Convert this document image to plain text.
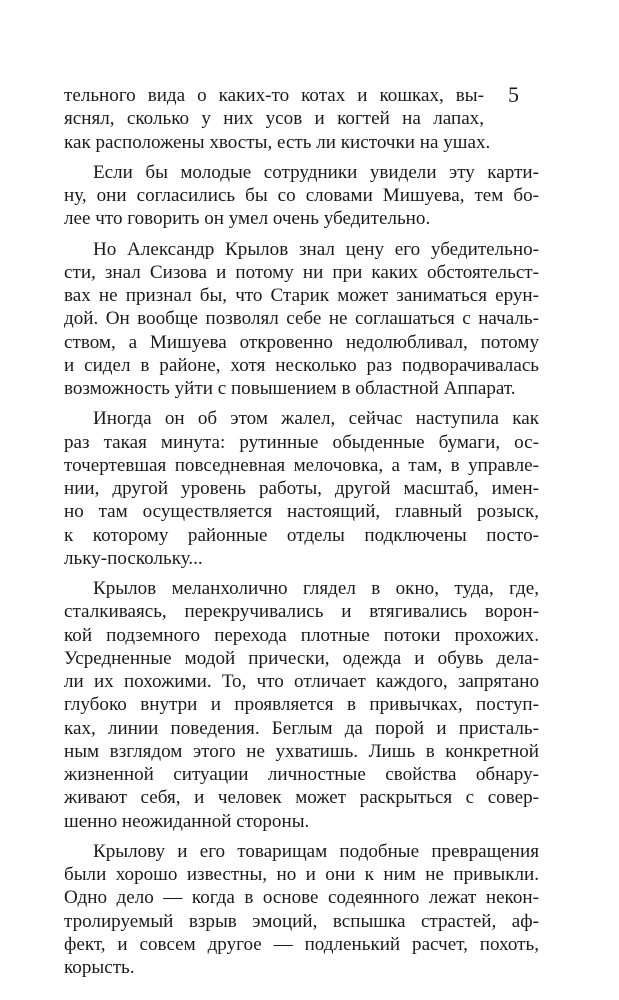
5
тельного вида о каких-то котах и кошках, вы-
яснял, сколько у них усов и когтей на лапах,
как расположены хвосты, есть ли кисточки на ушах.
Если бы молодые сотрудники увидели эту карти-
ну, они согласились бы со словами Мишуева, тем бо-
лее что говорить он умел очень убедительно.
Но Александр Крылов знал цену его убедительно-
сти, знал Сизова и потому ни при каких обстоятельст-
вах не признал бы, что Старик может заниматься ерун-
дой. Он вообще позволял себе не соглашаться с началь-
ством, а Мишуева откровенно недолюбливал, потому
и сидел в районе, хотя несколько раз подворачивалась
возможность уйти с повышением в областной Аппарат.
Иногда он об этом жалел, сейчас наступила как
раз такая минута: рутинные обыденные бумаги, ос-
точертевшая повседневная мелочовка, а там, в управле-
нии, другой уровень работы, другой масштаб, имен-
но там осуществляется настоящий, главный розыск,
к которому районные отделы подключены посто-
льку-поскольку...
Крылов меланхолично глядел в окно, туда, где,
сталкиваясь, перекручивались и втягивались ворон-
кой подземного перехода плотные потоки прохожих.
Усредненные модой прически, одежда и обувь дела-
ли их похожими. То, что отличает каждого, запрятано
глубоко внутри и проявляется в привычках, поступ-
ках, линии поведения. Беглым да порой и присталь-
ным взглядом этого не ухватишь. Лишь в конкретной
жизненной ситуации личностные свойства обнару-
живают себя, и человек может раскрыться с совер-
шенно неожиданной стороны.
Крылову и его товарищам подобные превращения
были хорошо известны, но и они к ним не привыкли.
Одно дело — когда в основе содеянного лежат некон-
тролируемый взрыв эмоций, вспышка страстей, аф-
фект, и совсем другое — подленький расчет, похоть,
корысть.
